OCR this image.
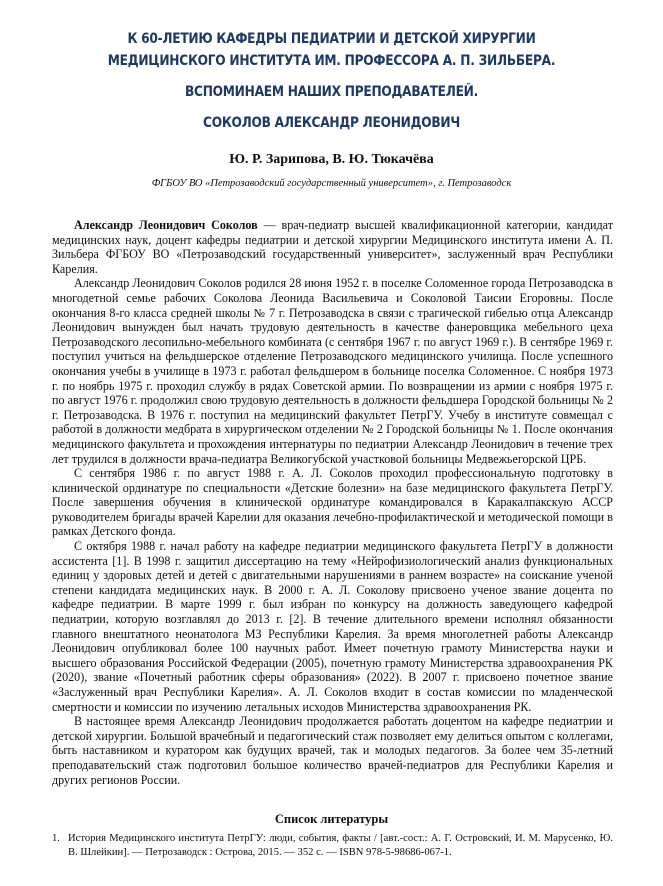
К 60-ЛЕТИЮ КАФЕДРЫ ПЕДИАТРИИ И ДЕТСКОЙ ХИРУРГИИ
МЕДИЦИНСКОГО ИНСТИТУТА ИМ. ПРОФЕССОРА А. П. ЗИЛЬБЕРА.
ВСПОМИНАЕМ НАШИХ ПРЕПОДАВАТЕЛЕЙ.
СОКОЛОВ АЛЕКСАНДР ЛЕОНИДОВИЧ
Ю. Р. Зарипова, В. Ю. Тюкачёва
ФГБОУ ВО «Петрозаводский государственный университет», г. Петрозаводск

Александр Леонидович Соколов — врач-педиатр высшей квалификационной категории, кандидат медицинских наук, доцент кафедры педиатрии и детской хирургии Медицинского института имени А. П. Зильбера ФГБОУ ВО «Петрозаводский государственный университет», заслуженный врач Республики Карелия.

Александр Леонидович Соколов родился 28 июня 1952 г. в поселке Соломенное города Петрозаводска в многодетной семье рабочих Соколова Леонида Васильевича и Соколовой Таисии Егоровны. После окончания 8-го класса средней школы № 7 г. Петрозаводска в связи с трагической гибелью отца Александр Леонидович вынужден был начать трудовую деятельность в качестве фанеровщика мебельного цеха Петрозаводского лесопильно-мебельного комбината (с сентября 1967 г. по август 1969 г.). В сентябре 1969 г. поступил учиться на фельдшерское отделение Петрозаводского медицинского училища. После успешного окончания учебы в училище в 1973 г. работал фельдшером в больнице поселка Соломенное. С ноября 1973 г. по ноябрь 1975 г. проходил службу в рядах Советской армии. По возвращении из армии с ноября 1975 г. по август 1976 г. продолжил свою трудовую деятельность в должности фельдшера Городской больницы № 2 г. Петрозаводска. В 1976 г. поступил на медицинский факультет ПетрГУ. Учебу в институте совмещал с работой в должности медбрата в хирургическом отделении № 2 Городской больницы № 1. После окончания медицинского факультета и прохождения интернатуры по педиатрии Александр Леонидович в течение трех лет трудился в должности врача-педиатра Великогубской участковой больницы Медвежьегорской ЦРБ.

С сентября 1986 г. по август 1988 г. А. Л. Соколов проходил профессиональную подготовку в клинической ординатуре по специальности «Детские болезни» на базе медицинского факультета ПетрГУ. После завершения обучения в клинической ординатуре командировался в Каракалпакскую АССР руководителем бригады врачей Карелии для оказания лечебно-профилактической и методической помощи в рамках Детского фонда.

С октября 1988 г. начал работу на кафедре педиатрии медицинского факультета ПетрГУ в должности ассистента [1]. В 1998 г. защитил диссертацию на тему «Нейрофизиологический анализ функциональных единиц у здоровых детей и детей с двигательными нарушениями в раннем возрасте» на соискание ученой степени кандидата медицинских наук. В 2000 г. А. Л. Соколову присвоено ученое звание доцента по кафедре педиатрии. В марте 1999 г. был избран по конкурсу на должность заведующего кафедрой педиатрии, которую возглавлял до 2013 г. [2]. В течение длительного времени исполнял обязанности главного внештатного неонатолога МЗ Республики Карелия. За время многолетней работы Александр Леонидович опубликовал более 100 научных работ. Имеет почетную грамоту Министерства науки и высшего образования Российской Федерации (2005), почетную грамоту Министерства здравоохранения РК (2020), звание «Почетный работник сферы образования» (2022). В 2007 г. присвоено почетное звание «Заслуженный врач Республики Карелия». А. Л. Соколов входит в состав комиссии по младенческой смертности и комиссии по изучению летальных исходов Министерства здравоохранения РК.

В настоящее время Александр Леонидович продолжается работать доцентом на кафедре педиатрии и детской хирургии. Большой врачебный и педагогический стаж позволяет ему делиться опытом с коллегами, быть наставником и куратором как будущих врачей, так и молодых педагогов. За более чем 35-летний преподавательский стаж подготовил большое количество врачей-педиатров для Республики Карелия и других регионов России.

Список литературы
1. История Медицинского института ПетрГУ: люди, события, факты / [авт.-сост.: А. Г. Островский, И. М. Марусенко, Ю. В. Шлейкин]. — Петрозаводск : Острова, 2015. — 352 с. — ISBN 978-5-98686-067-1.
